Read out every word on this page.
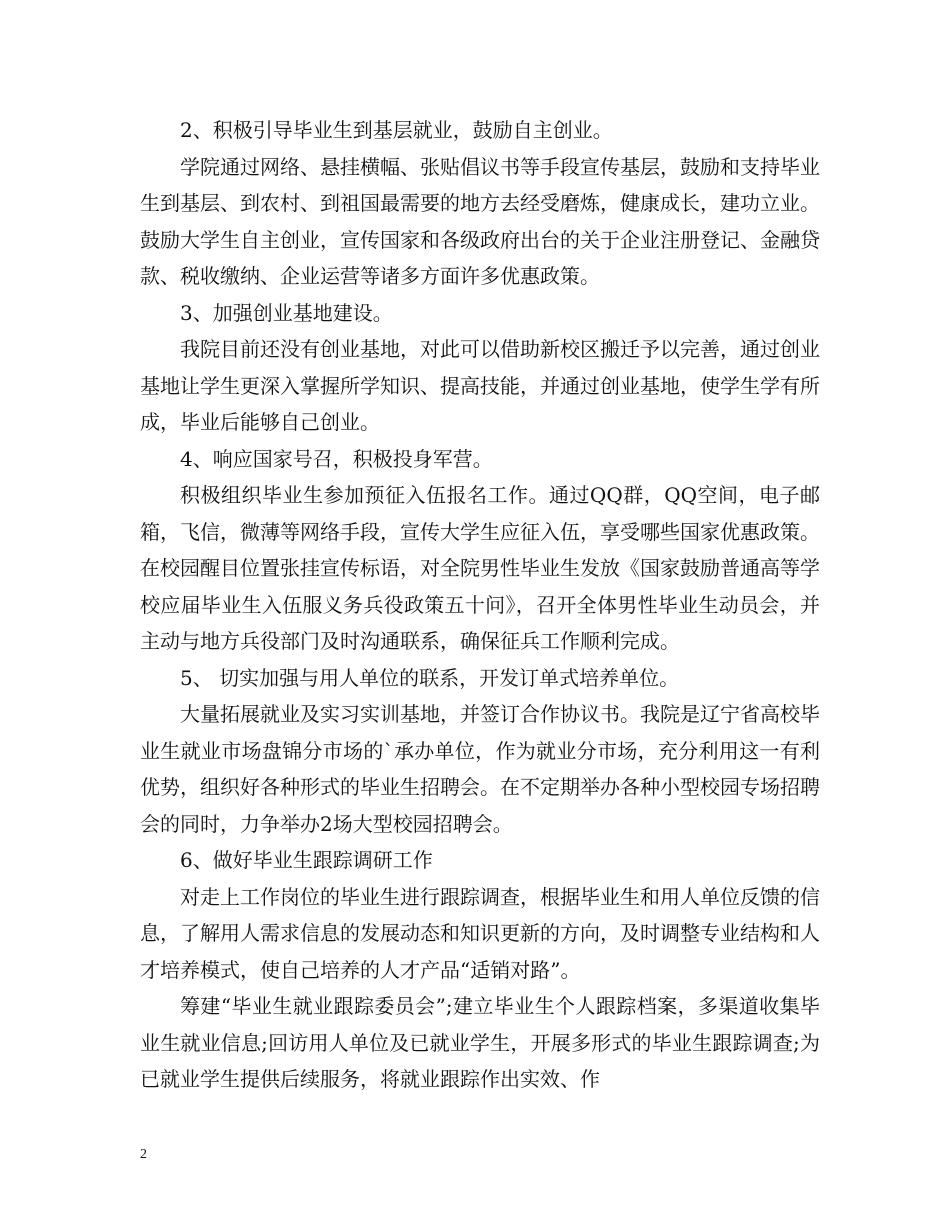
2、积极引导毕业生到基层就业，鼓励自主创业。

学院通过网络、悬挂横幅、张贴倡议书等手段宣传基层，鼓励和支持毕业生到基层、到农村、到祖国最需要的地方去经受磨炼，健康成长，建功立业。鼓励大学生自主创业，宣传国家和各级政府出台的关于企业注册登记、金融贷款、税收缴纳、企业运营等诸多方面许多优惠政策。

3、加强创业基地建设。

我院目前还没有创业基地，对此可以借助新校区搬迁予以完善，通过创业基地让学生更深入掌握所学知识、提高技能，并通过创业基地，使学生学有所成，毕业后能够自己创业。

4、响应国家号召，积极投身军营。

积极组织毕业生参加预征入伍报名工作。通过QQ群，QQ空间，电子邮箱，飞信，微薄等网络手段，宣传大学生应征入伍，享受哪些国家优惠政策。在校园醒目位置张挂宣传标语，对全院男性毕业生发放《国家鼓励普通高等学校应届毕业生入伍服义务兵役政策五十问》，召开全体男性毕业生动员会，并主动与地方兵役部门及时沟通联系，确保征兵工作顺利完成。

5、 切实加强与用人单位的联系，开发订单式培养单位。

大量拓展就业及实习实训基地，并签订合作协议书。我院是辽宁省高校毕业生就业市场盘锦分市场的`承办单位，作为就业分市场，充分利用这一有利优势，组织好各种形式的毕业生招聘会。在不定期举办各种小型校园专场招聘会的同时，力争举办2场大型校园招聘会。

6、做好毕业生跟踪调研工作

对走上工作岗位的毕业生进行跟踪调查，根据毕业生和用人单位反馈的信息，了解用人需求信息的发展动态和知识更新的方向，及时调整专业结构和人才培养模式，使自己培养的人才产品“适销对路”。

筹建“毕业生就业跟踪委员会”;建立毕业生个人跟踪档案，多渠道收集毕业生就业信息;回访用人单位及已就业学生，开展多形式的毕业生跟踪调查;为已就业学生提供后续服务，将就业跟踪作出实效、作

2
